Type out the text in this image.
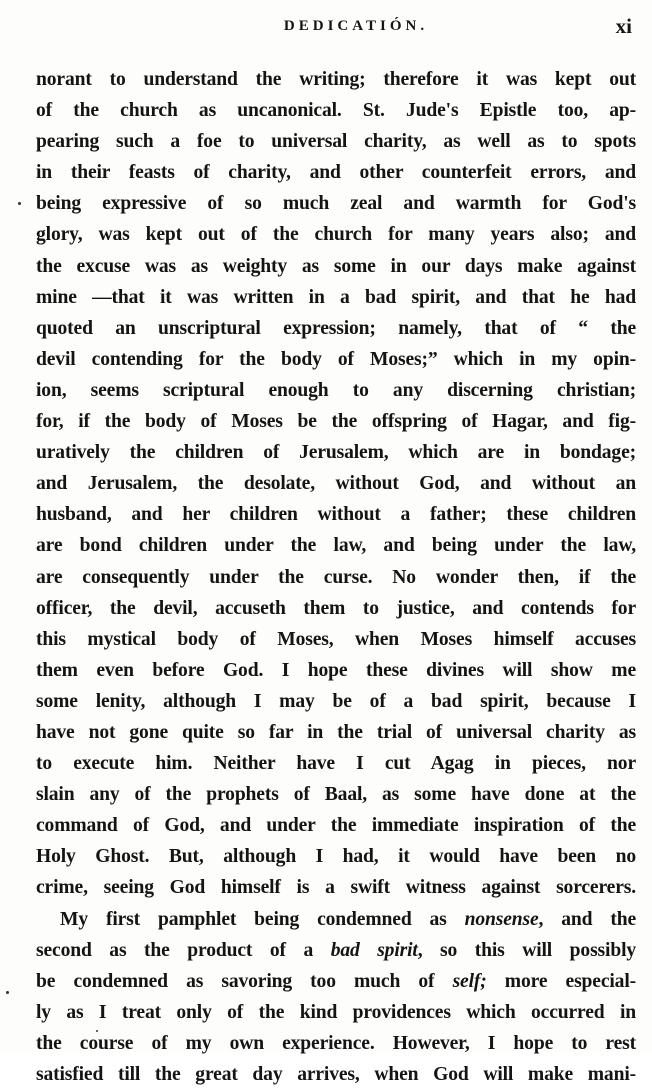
DEDICATIÓN.	xi
norant to understand the writing; therefore it was kept out
of the church as uncanonical. St. Jude's Epistle too, ap-
pearing such a foe to universal charity, as well as to spots
in their feasts of charity, and other counterfeit errors, and
being expressive of so much zeal and warmth for God's
glory, was kept out of the church for many years also; and
the excuse was as weighty as some in our days make against
mine —that it was written in a bad spirit, and that he had
quoted an unscriptural expression; namely, that of “ the
devil contending for the body of Moses;” which in my opin-
ion, seems scriptural enough to any discerning christian;
for, if the body of Moses be the offspring of Hagar, and fig-
uratively the children of Jerusalem, which are in bondage;
and Jerusalem, the desolate, without God, and without an
husband, and her children without a father; these children
are bond children under the law, and being under the law,
are consequently under the curse. No wonder then, if the
officer, the devil, accuseth them to justice, and contends for
this mystical body of Moses, when Moses himself accuses
them even before God. I hope these divines will show me
some lenity, although I may be of a bad spirit, because I
have not gone quite so far in the trial of universal charity as
to execute him. Neither have I cut Agag in pieces, nor
slain any of the prophets of Baal, as some have done at the
command of God, and under the immediate inspiration of the
Holy Ghost. But, although I had, it would have been no
crime, seeing God himself is a swift witness against sorcerers.
My first pamphlet being condemned as nonsense, and the
second as the product of a bad spirit, so this will possibly
be condemned as savoring too much of self; more especial-
ly as I treat only of the kind providences which occurred in
the course of my own experience. However, I hope to rest
satisfied till the great day arrives, when God will make mani-
